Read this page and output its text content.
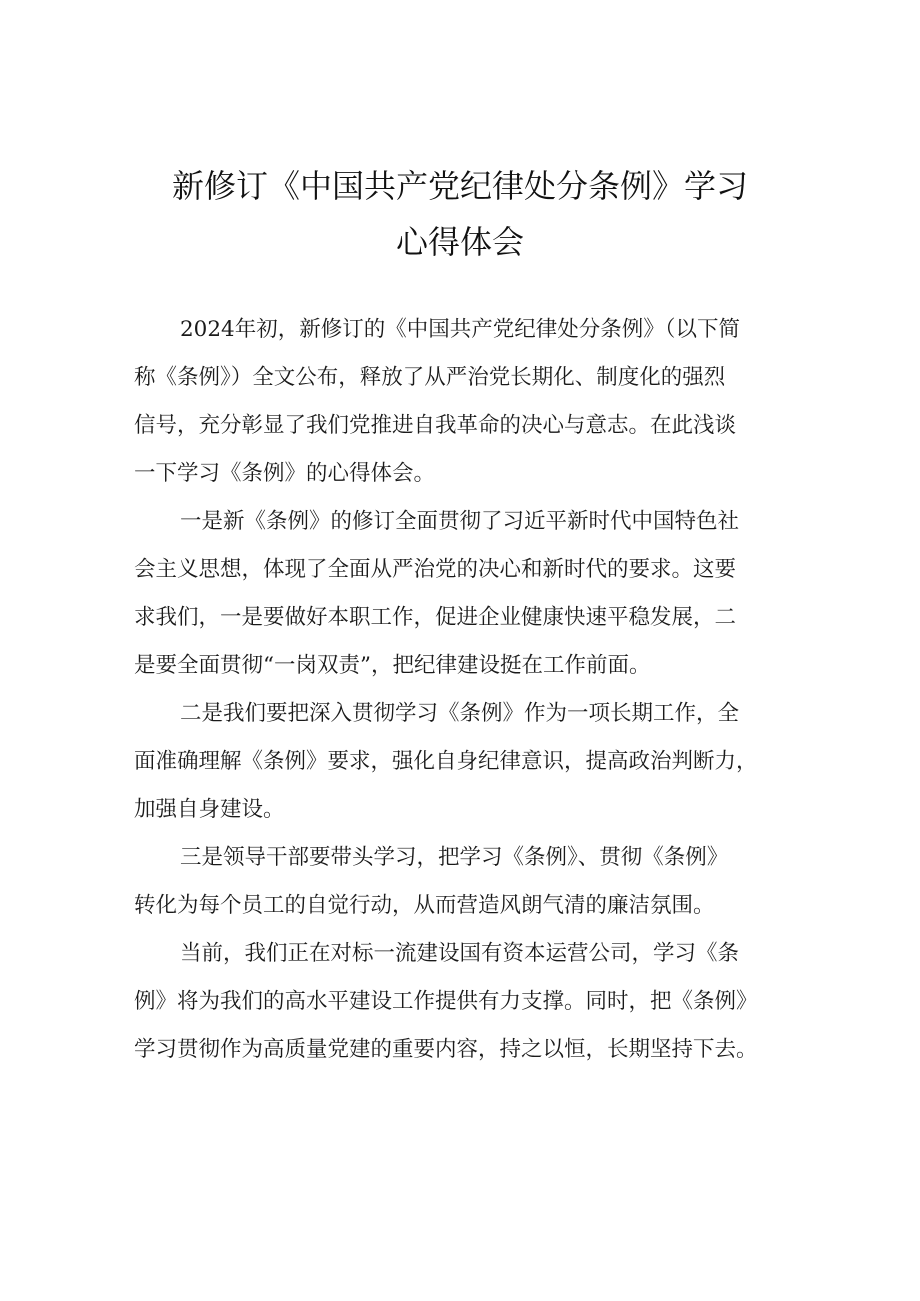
新修订《中国共产党纪律处分条例》学习
心得体会
2024年初，新修订的《中国共产党纪律处分条例》（以下简
称《条例》）全文公布，释放了从严治党长期化、制度化的强烈
信号，充分彰显了我们党推进自我革命的决心与意志。在此浅谈
一下学习《条例》的心得体会。
一是新《条例》的修订全面贯彻了习近平新时代中国特色社
会主义思想，体现了全面从严治党的决心和新时代的要求。这要
求我们，一是要做好本职工作，促进企业健康快速平稳发展，二
是要全面贯彻“一岗双责”，把纪律建设挺在工作前面。
二是我们要把深入贯彻学习《条例》作为一项长期工作，全
面准确理解《条例》要求，强化自身纪律意识，提高政治判断力，
加强自身建设。
三是领导干部要带头学习，把学习《条例》、贯彻《条例》
转化为每个员工的自觉行动，从而营造风朗气清的廉洁氛围。
当前，我们正在对标一流建设国有资本运营公司，学习《条
例》将为我们的高水平建设工作提供有力支撑。同时，把《条例》
学习贯彻作为高质量党建的重要内容，持之以恒，长期坚持下去。
